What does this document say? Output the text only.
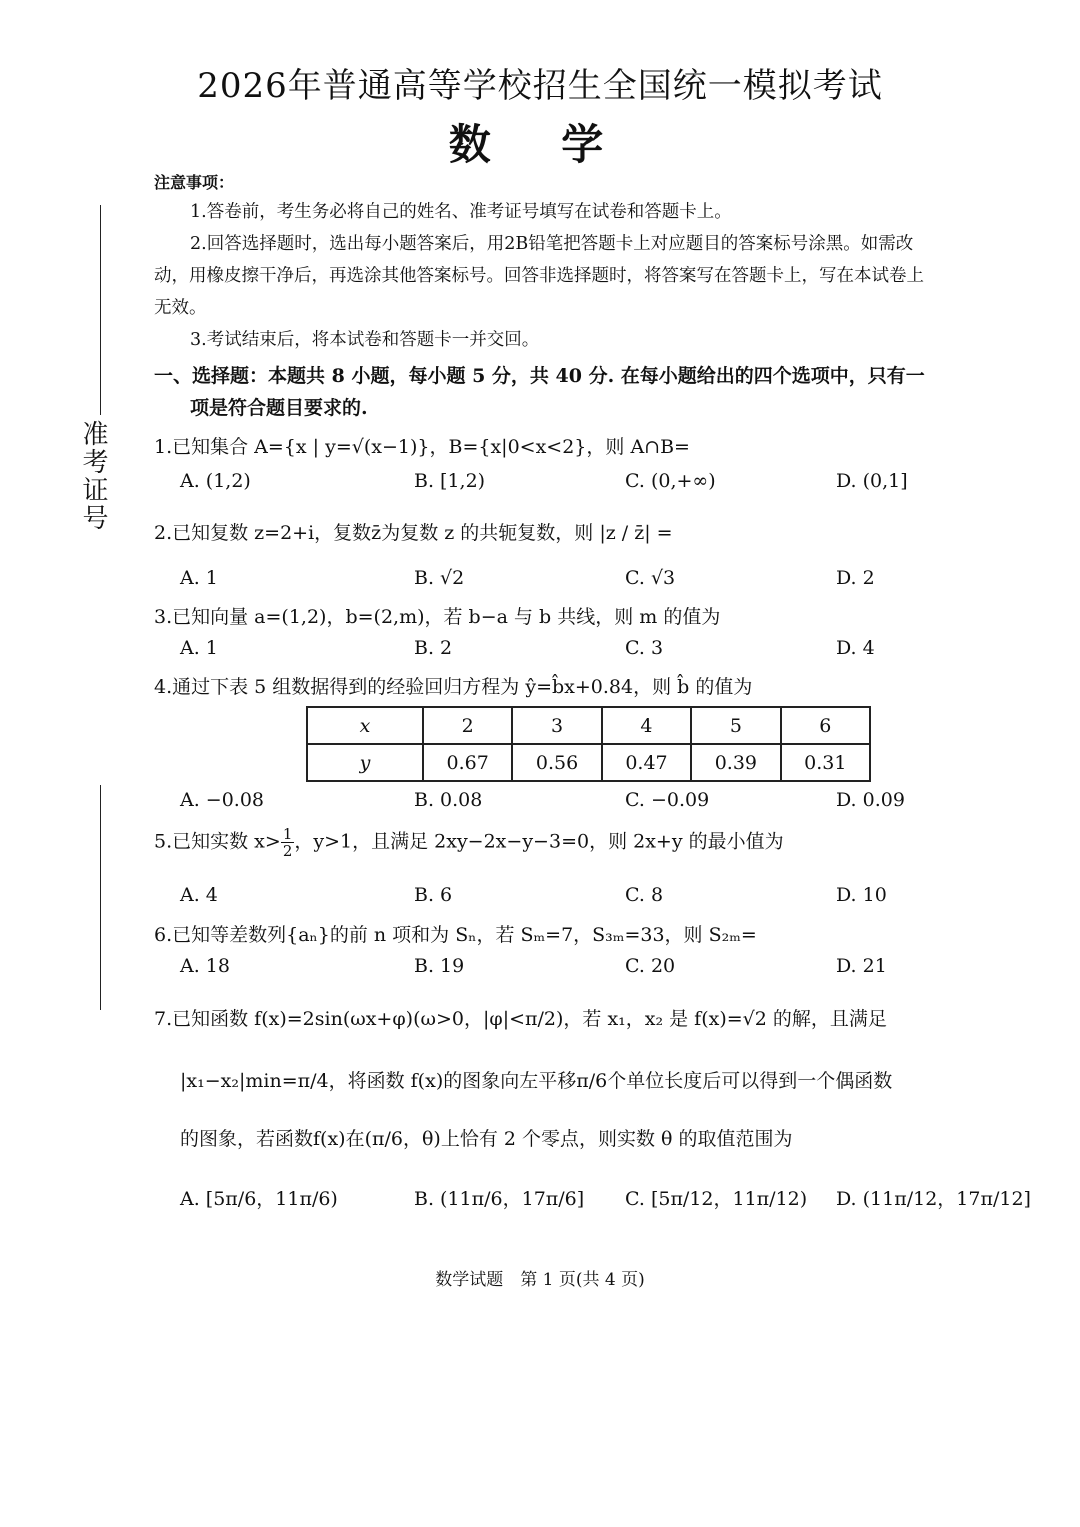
2026年普通高等学校招生全国统一模拟考试
数 学
注意事项：
1.答卷前，考生务必将自己的姓名、准考证号填写在试卷和答题卡上。
2.回答选择题时，选出每小题答案后，用2B铅笔把答题卡上对应题目的答案标号涂黑。如需改
动，用橡皮擦干净后，再选涂其他答案标号。回答非选择题时，将答案写在答题卡上，写在本试卷上
无效。
3.考试结束后，将本试卷和答题卡一并交回。
一、选择题：本题共 8 小题，每小题 5 分，共 40 分. 在每小题给出的四个选项中，只有一
项是符合题目要求的.
准考证号 1.已知集合 A={x | y=√(x−1)}，B={x|0<x<2}，则 A∩B=
A. (1,2)	B. [1,2)	C. (0,+∞)	D. (0,1]
2.已知复数 z=2+i，复数z̄为复数 z 的共轭复数，则 |z / z̄| =
A. 1	B. √2	C. √3	D. 2
3.已知向量 a=(1,2)，b=(2,m)，若 b−a 与 b 共线，则 m 的值为
A. 1	B. 2	C. 3	D. 4
4.通过下表 5 组数据得到的经验回归方程为 ŷ=b̂x+0.84，则 b̂ 的值为
x	2	3	4	5	6
y	0.67	0.56	0.47	0.39	0.31
A. −0.08	B. 0.08	C. −0.09	D. 0.09
5.已知实数 $x> \frac{1}{2}$ ，y>1，且满足 2xy−2x−y−3=0，则 2x+y 的最小值为
A. 4	B. 6	C. 8	D. 10
6.已知等差数列{aₙ}的前 n 项和为 Sₙ，若 Sₘ=7，S₃ₘ=33，则 S₂ₘ=
A. 18	B. 19	C. 20	D. 21
7.已知函数 f(x)=2sin(ωx+φ)(ω>0，|φ|<π/2)，若 x₁，x₂ 是 f(x)=√2 的解，且满足
|x₁−x₂|min=π/4，将函数 f(x)的图象向左平移π/6个单位长度后可以得到一个偶函数
的图象，若函数f(x)在(π/6，θ)上恰有 2 个零点，则实数 θ 的取值范围为
A. [5π/6，11π/6)	B. (11π/6，17π/6] C. [5π/12，11π/12) D. (11π/12，17π/12]
数学试题　第 1 页(共 4 页)
